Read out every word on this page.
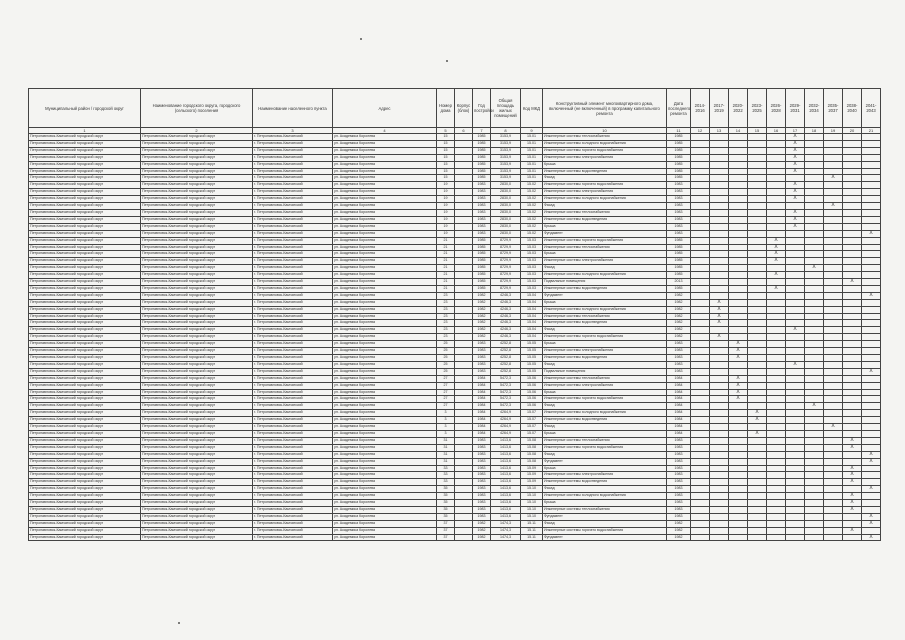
Муниципальный район / городской округ	Наименование городского округа, городского (сельского) поселения	Наименование населенного пункта	Адрес	Номер дома	Корпус (блок)	Год постройки	Общая площадь жилых помещений	Код МКД	Конструктивный элемент многоквартирного дома, включенный (не включенный) в программу капитального ремонта	Дата последнего ремонта	2014-2016	2017-2019	2020-2022	2023-2025	2026-2028	2029-2031	2032-2034	2035-2037	2038-2040	2041-2043
1	2	3	4	5	6	7	8	9	10	11	12	13	14	15	16	17	18	19	20	21
Петропавловск-Камчатский городской округ	Петропавловск-Камчатский городской округ	г. Петропавловск-Камчатский	ул. Академика Королева	15		1985	3153,9	15.01	Инженерные системы теплоснабжения	1985						X				
Петропавловск-Камчатский городской округ	Петропавловск-Камчатский городской округ	г. Петропавловск-Камчатский	ул. Академика Королева	15		1985	3153,9	15.01	Инженерные системы холодного водоснабжения	1985						X				
Петропавловск-Камчатский городской округ	Петропавловск-Камчатский городской округ	г. Петропавловск-Камчатский	ул. Академика Королева	15		1985	3153,9	15.01	Инженерные системы горячего водоснабжения	1985						X				
Петропавловск-Камчатский городской округ	Петропавловск-Камчатский городской округ	г. Петропавловск-Камчатский	ул. Академика Королева	15		1985	3153,9	15.01	Инженерные системы электроснабжения	1985						X				
Петропавловск-Камчатский городской округ	Петропавловск-Камчатский городской округ	г. Петропавловск-Камчатский	ул. Академика Королева	15		1985	3153,9	15.01	Крыша	1985						X				
Петропавловск-Камчатский городской округ	Петропавловск-Камчатский городской округ	г. Петропавловск-Камчатский	ул. Академика Королева	15		1985	3153,9	15.01	Инженерные системы водоотведения	1985						X				
Петропавловск-Камчатский городской округ	Петропавловск-Камчатский городской округ	г. Петропавловск-Камчатский	ул. Академика Королева	15		1985	3153,9	15.01	Фасад	1985								X		
Петропавловск-Камчатский городской округ	Петропавловск-Камчатский городской округ	г. Петропавловск-Камчатский	ул. Академика Королева	19		1983	2830,0	15.02	Инженерные системы горячего водоснабжения	1983						X				
Петропавловск-Камчатский городской округ	Петропавловск-Камчатский городской округ	г. Петропавловск-Камчатский	ул. Академика Королева	19		1983	2830,0	15.02	Инженерные системы электроснабжения	1983						X				
Петропавловск-Камчатский городской округ	Петропавловск-Камчатский городской округ	г. Петропавловск-Камчатский	ул. Академика Королева	19		1983	2830,0	15.02	Инженерные системы холодного водоснабжения	1983						X				
Петропавловск-Камчатский городской округ	Петропавловск-Камчатский городской округ	г. Петропавловск-Камчатский	ул. Академика Королева	19		1983	2830,0	15.02	Фасад	1983								X		
Петропавловск-Камчатский городской округ	Петропавловск-Камчатский городской округ	г. Петропавловск-Камчатский	ул. Академика Королева	19		1983	2830,0	15.02	Инженерные системы теплоснабжения	1983						X				
Петропавловск-Камчатский городской округ	Петропавловск-Камчатский городской округ	г. Петропавловск-Камчатский	ул. Академика Королева	19		1983	2830,0	15.02	Инженерные системы водоотведения	1983						X				
Петропавловск-Камчатский городской округ	Петропавловск-Камчатский городской округ	г. Петропавловск-Камчатский	ул. Академика Королева	19		1983	2830,0	15.02	Крыша	1983						X				
Петропавловск-Камчатский городской округ	Петропавловск-Камчатский городской округ	г. Петропавловск-Камчатский	ул. Академика Королева	19		1983	2830,0	15.02	Фундамент	1983										X
Петропавловск-Камчатский городской округ	Петропавловск-Камчатский городской округ	г. Петропавловск-Камчатский	ул. Академика Королева	21		1985	8729,9	15.03	Инженерные системы горячего водоснабжения	1985					X					
Петропавловск-Камчатский городской округ	Петропавловск-Камчатский городской округ	г. Петропавловск-Камчатский	ул. Академика Королева	21		1985	8729,9	15.03	Инженерные системы теплоснабжения	1985					X					
Петропавловск-Камчатский городской округ	Петропавловск-Камчатский городской округ	г. Петропавловск-Камчатский	ул. Академика Королева	21		1985	8729,9	15.03	Крыша	1985					X					
Петропавловск-Камчатский городской округ	Петропавловск-Камчатский городской округ	г. Петропавловск-Камчатский	ул. Академика Королева	21		1985	8729,9	15.03	Инженерные системы электроснабжения	1985					X					
Петропавловск-Камчатский городской округ	Петропавловск-Камчатский городской округ	г. Петропавловск-Камчатский	ул. Академика Королева	21		1985	8729,9	15.03	Фасад	1985							X			
Петропавловск-Камчатский городской округ	Петропавловск-Камчатский городской округ	г. Петропавловск-Камчатский	ул. Академика Королева	21		1985	8729,9	15.03	Инженерные системы холодного водоснабжения	1985					X					
Петропавловск-Камчатский городской округ	Петропавловск-Камчатский городской округ	г. Петропавловск-Камчатский	ул. Академика Королева	21		1985	8729,9	15.03	Подвальные помещения	2013									X	
Петропавловск-Камчатский городской округ	Петропавловск-Камчатский городской округ	г. Петропавловск-Камчатский	ул. Академика Королева	21		1985	8729,9	15.03	Инженерные системы водоотведения	1985					X					
Петропавловск-Камчатский городской округ	Петропавловск-Камчатский городской округ	г. Петропавловск-Камчатский	ул. Академика Королева	23		1982	4246,3	15.04	Фундамент	1982										X
Петропавловск-Камчатский городской округ	Петропавловск-Камчатский городской округ	г. Петропавловск-Камчатский	ул. Академика Королева	23		1982	4246,3	15.04	Крыша	1982		X								
Петропавловск-Камчатский городской округ	Петропавловск-Камчатский городской округ	г. Петропавловск-Камчатский	ул. Академика Королева	23		1982	4246,3	15.04	Инженерные системы холодного водоснабжения	1982		X								
Петропавловск-Камчатский городской округ	Петропавловск-Камчатский городской округ	г. Петропавловск-Камчатский	ул. Академика Королева	23		1982	4246,3	15.04	Инженерные системы теплоснабжения	1982		X								
Петропавловск-Камчатский городской округ	Петропавловск-Камчатский городской округ	г. Петропавловск-Камчатский	ул. Академика Королева	23		1982	4246,3	15.04	Инженерные системы водоотведения	1982		X								
Петропавловск-Камчатский городской округ	Петропавловск-Камчатский городской округ	г. Петропавловск-Камчатский	ул. Академика Королева	23		1982	4246,3	15.04	Фасад	1982						X				
Петропавловск-Камчатский городской округ	Петропавловск-Камчатский городской округ	г. Петропавловск-Камчатский	ул. Академика Королева	23		1982	4246,3	15.04	Инженерные системы горячего водоснабжения	1982		X								
Петропавловск-Камчатский городской округ	Петропавловск-Камчатский городской округ	г. Петропавловск-Камчатский	ул. Академика Королева	25		1983	4252,8	15.05	Крыша	1983			X							
Петропавловск-Камчатский городской округ	Петропавловск-Камчатский городской округ	г. Петропавловск-Камчатский	ул. Академика Королева	25		1983	4252,8	15.05	Инженерные системы электроснабжения	1983			X							
Петропавловск-Камчатский городской округ	Петропавловск-Камчатский городской округ	г. Петропавловск-Камчатский	ул. Академика Королева	25		1983	4252,8	15.05	Инженерные системы водоотведения	1983			X							
Петропавловск-Камчатский городской округ	Петропавловск-Камчатский городской округ	г. Петропавловск-Камчатский	ул. Академика Королева	25		1983	4252,8	15.05	Фасад	1983						X				
Петропавловск-Камчатский городской округ	Петропавловск-Камчатский городской округ	г. Петропавловск-Камчатский	ул. Академика Королева	25		1983	4252,8	15.05	Подвальные помещения	1983										X
Петропавловск-Камчатский городской округ	Петропавловск-Камчатский городской округ	г. Петропавловск-Камчатский	ул. Академика Королева	27		1984	5472,3	15.06	Инженерные системы теплоснабжения	1984			X							
Петропавловск-Камчатский городской округ	Петропавловск-Камчатский городской округ	г. Петропавловск-Камчатский	ул. Академика Королева	27		1984	5472,3	15.06	Инженерные системы электроснабжения	1984			X							
Петропавловск-Камчатский городской округ	Петропавловск-Камчатский городской округ	г. Петропавловск-Камчатский	ул. Академика Королева	27		1984	5472,3	15.06	Крыша	1984			X							
Петропавловск-Камчатский городской округ	Петропавловск-Камчатский городской округ	г. Петропавловск-Камчатский	ул. Академика Королева	27		1984	5472,3	15.06	Инженерные системы горячего водоснабжения	1984			X							
Петропавловск-Камчатский городской округ	Петропавловск-Камчатский городской округ	г. Петропавловск-Камчатский	ул. Академика Королева	27		1984	5472,3	15.06	Фасад	1984							X			
Петропавловск-Камчатский городской округ	Петропавловск-Камчатский городской округ	г. Петропавловск-Камчатский	ул. Академика Королева	3		1984	4264,9	15.07	Инженерные системы холодного водоснабжения	1984				X						
Петропавловск-Камчатский городской округ	Петропавловск-Камчатский городской округ	г. Петропавловск-Камчатский	ул. Академика Королева	3		1984	4264,9	15.07	Инженерные системы водоотведения	1984				X						
Петропавловск-Камчатский городской округ	Петропавловск-Камчатский городской округ	г. Петропавловск-Камчатский	ул. Академика Королева	3		1984	4264,9	15.07	Фасад	1984								X		
Петропавловск-Камчатский городской округ	Петропавловск-Камчатский городской округ	г. Петропавловск-Камчатский	ул. Академика Королева	3		1984	4264,9	15.07	Крыша	1984				X						
Петропавловск-Камчатский городской округ	Петропавловск-Камчатский городской округ	г. Петропавловск-Камчатский	ул. Академика Королева	31		1983	1413,6	15.08	Инженерные системы теплоснабжения	1983									X	
Петропавловск-Камчатский городской округ	Петропавловск-Камчатский городской округ	г. Петропавловск-Камчатский	ул. Академика Королева	31		1983	1413,6	15.08	Инженерные системы горячего водоснабжения	1983									X	
Петропавловск-Камчатский городской округ	Петропавловск-Камчатский городской округ	г. Петропавловск-Камчатский	ул. Академика Королева	31		1983	1413,6	15.08	Фасад	1983										X
Петропавловск-Камчатский городской округ	Петропавловск-Камчатский городской округ	г. Петропавловск-Камчатский	ул. Академика Королева	31		1983	1413,6	15.08	Фундамент	1983										X
Петропавловск-Камчатский городской округ	Петропавловск-Камчатский городской округ	г. Петропавловск-Камчатский	ул. Академика Королева	33		1983	1413,6	15.09	Крыша	1983									X	
Петропавловск-Камчатский городской округ	Петропавловск-Камчатский городской округ	г. Петропавловск-Камчатский	ул. Академика Королева	33		1983	1413,6	15.09	Инженерные системы электроснабжения	1983									X	
Петропавловск-Камчатский городской округ	Петропавловск-Камчатский городской округ	г. Петропавловск-Камчатский	ул. Академика Королева	33		1983	1413,6	15.09	Инженерные системы водоотведения	1983									X	
Петропавловск-Камчатский городской округ	Петропавловск-Камчатский городской округ	г. Петропавловск-Камчатский	ул. Академика Королева	35		1983	1413,6	15.10	Фасад	1983										X
Петропавловск-Камчатский городской округ	Петропавловск-Камчатский городской округ	г. Петропавловск-Камчатский	ул. Академика Королева	35		1983	1413,6	15.10	Инженерные системы холодного водоснабжения	1983									X	
Петропавловск-Камчатский городской округ	Петропавловск-Камчатский городской округ	г. Петропавловск-Камчатский	ул. Академика Королева	35		1983	1413,6	15.10	Крыша	1983									X	
Петропавловск-Камчатский городской округ	Петропавловск-Камчатский городской округ	г. Петропавловск-Камчатский	ул. Академика Королева	35		1983	1413,6	15.10	Инженерные системы теплоснабжения	1983									X	
Петропавловск-Камчатский городской округ	Петропавловск-Камчатский городской округ	г. Петропавловск-Камчатский	ул. Академика Королева	35		1983	1413,6	15.10	Фундамент	1983										X
Петропавловск-Камчатский городской округ	Петропавловск-Камчатский городской округ	г. Петропавловск-Камчатский	ул. Академика Королева	37		1982	1474,3	15.11	Фасад	1982										X
Петропавловск-Камчатский городской округ	Петропавловск-Камчатский городской округ	г. Петропавловск-Камчатский	ул. Академика Королева	37		1982	1474,3	15.11	Инженерные системы горячего водоснабжения	1982									X	
Петропавловск-Камчатский городской округ	Петропавловск-Камчатский городской округ	г. Петропавловск-Камчатский	ул. Академика Королева	37		1982	1474,3	15.11	Фундамент	1982										X
